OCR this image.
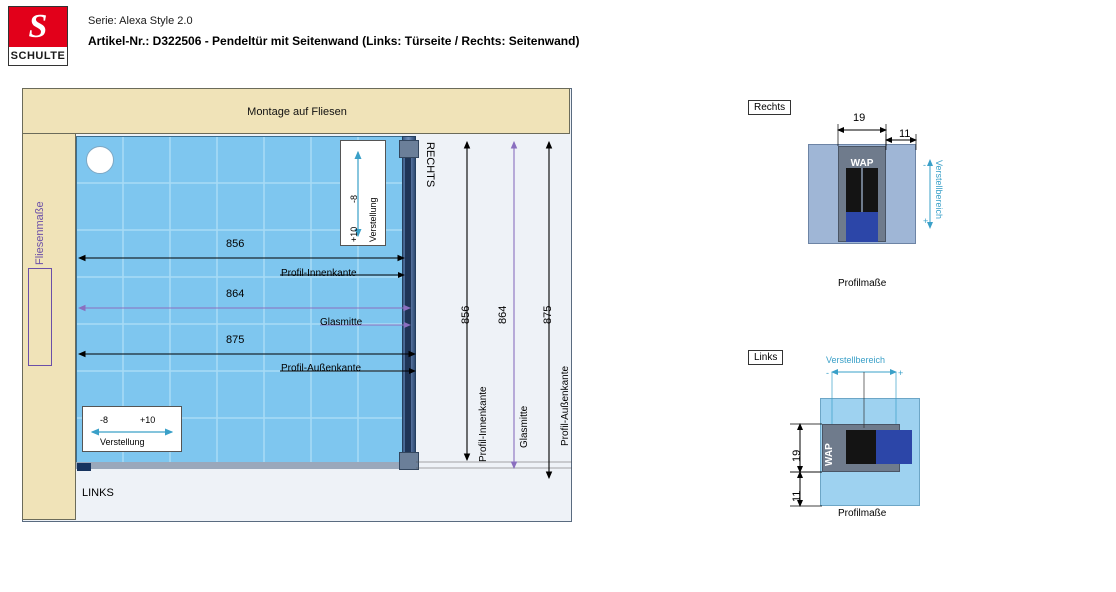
S
SCHULTE
Serie: Alexa Style 2.0
Artikel-Nr.: D322506 - Pendeltür mit Seitenwand (Links: Türseite / Rechts: Seitenwand)
Montage auf Fliesen
Fliesenmaße
RECHTS
LINKS
-8
+10 Verstellung
-8	+10
Verstellung
856
Profil-Innenkante
864
Glasmitte
875
Profil-Außenkante
856
Profil-Innenkante
864
Glasmitte
875
Profil-Außenkante
Rechts
WAP
19
11
-
+
Verstellbereich
Profilmaße
Links
WAP
Verstellbereich
-	+
19
11
Profilmaße
